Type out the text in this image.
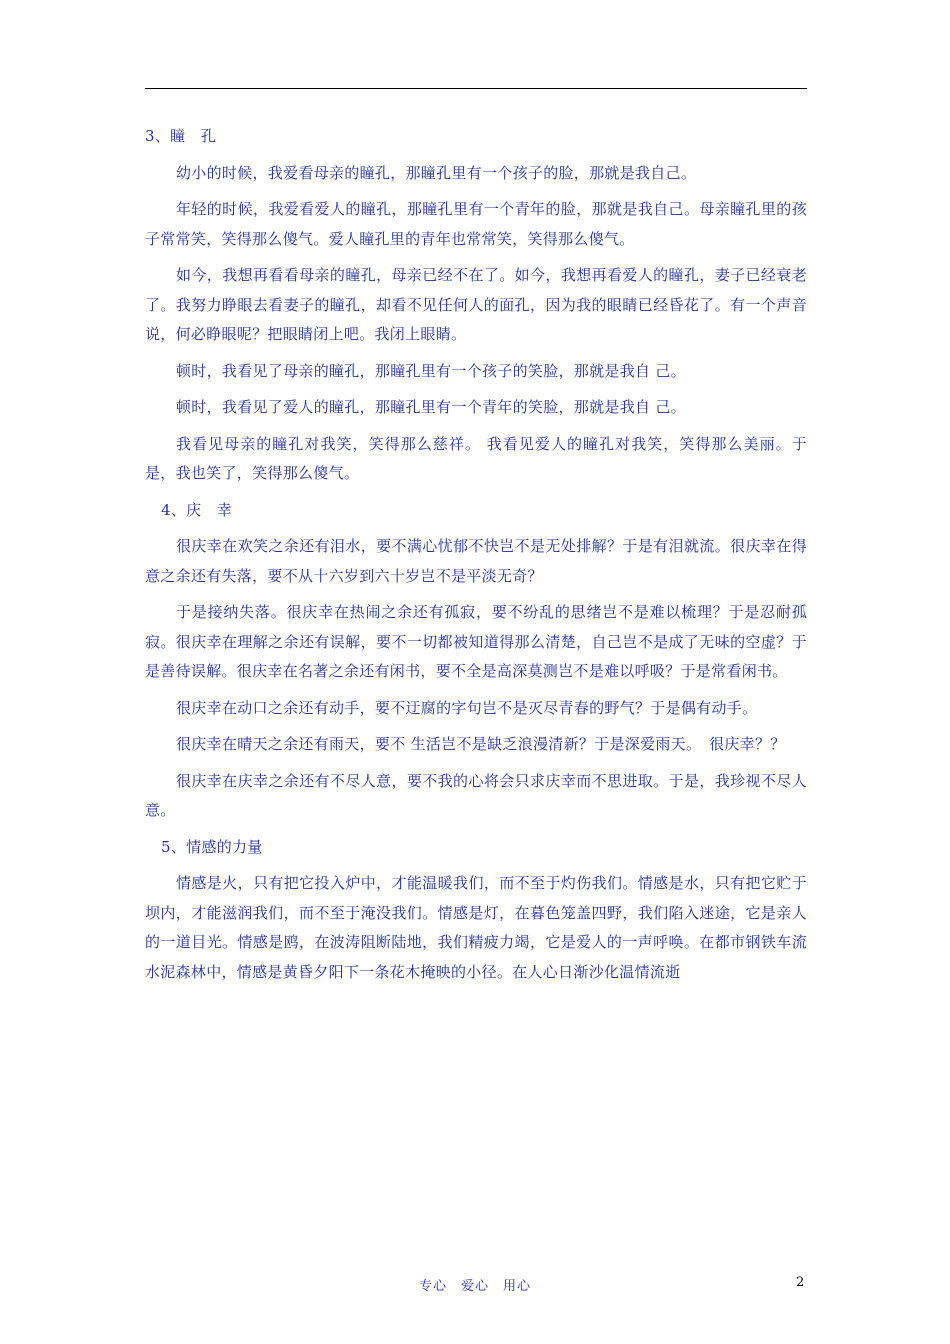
3、瞳　孔

幼小的时候，我爱看母亲的瞳孔，那瞳孔里有一个孩子的脸，那就是我自己。

年轻的时候，我爱看爱人的瞳孔，那瞳孔里有一个青年的脸，那就是我自己。母亲瞳孔里的孩子常常笑，笑得那么傻气。爱人瞳孔里的青年也常常笑，笑得那么傻气。

如今，我想再看看母亲的瞳孔，母亲已经不在了。如今，我想再看爱人的瞳孔，妻子已经衰老了。我努力睁眼去看妻子的瞳孔，却看不见任何人的面孔，因为我的眼睛已经昏花了。有一个声音说，何必睁眼呢？把眼睛闭上吧。我闭上眼睛。

顿时，我看见了母亲的瞳孔，那瞳孔里有一个孩子的笑脸，那就是我自 己。

顿时，我看见了爱人的瞳孔，那瞳孔里有一个青年的笑脸，那就是我自 己。

我看见母亲的瞳孔对我笑，笑得那么慈祥。 我看见爱人的瞳孔对我笑，笑得那么美丽。于是，我也笑了，笑得那么傻气。

4、庆　幸

很庆幸在欢笑之余还有泪水，要不满心忧郁不快岂不是无处排解？于是有泪就流。很庆幸在得意之余还有失落，要不从十六岁到六十岁岂不是平淡无奇？

于是接纳失落。很庆幸在热闹之余还有孤寂，要不纷乱的思绪岂不是难以梳理？于是忍耐孤寂。很庆幸在理解之余还有误解，要不一切都被知道得那么清楚，自己岂不是成了无味的空虚？于是善待误解。很庆幸在名著之余还有闲书，要不全是高深莫测岂不是难以呼吸？于是常看闲书。

很庆幸在动口之余还有动手，要不迂腐的字句岂不是灭尽青春的野气？于是偶有动手。

很庆幸在晴天之余还有雨天，要不 生活岂不是缺乏浪漫清新？于是深爱雨天。　很庆幸？？

很庆幸在庆幸之余还有不尽人意，要不我的心将会只求庆幸而不思进取。于是，我珍视不尽人意。

5、情感的力量

情感是火，只有把它投入炉中，才能温暖我们，而不至于灼伤我们。情感是水，只有把它贮于坝内，才能滋润我们，而不至于淹没我们。情感是灯，在暮色笼盖四野，我们陷入迷途，它是亲人的一道目光。情感是鸥，在波涛阻断陆地，我们精疲力竭，它是爱人的一声呼唤。在都市钢铁车流水泥森林中，情感是黄昏夕阳下一条花木掩映的小径。在人心日渐沙化温情流逝

专心　爱心　用心	2
